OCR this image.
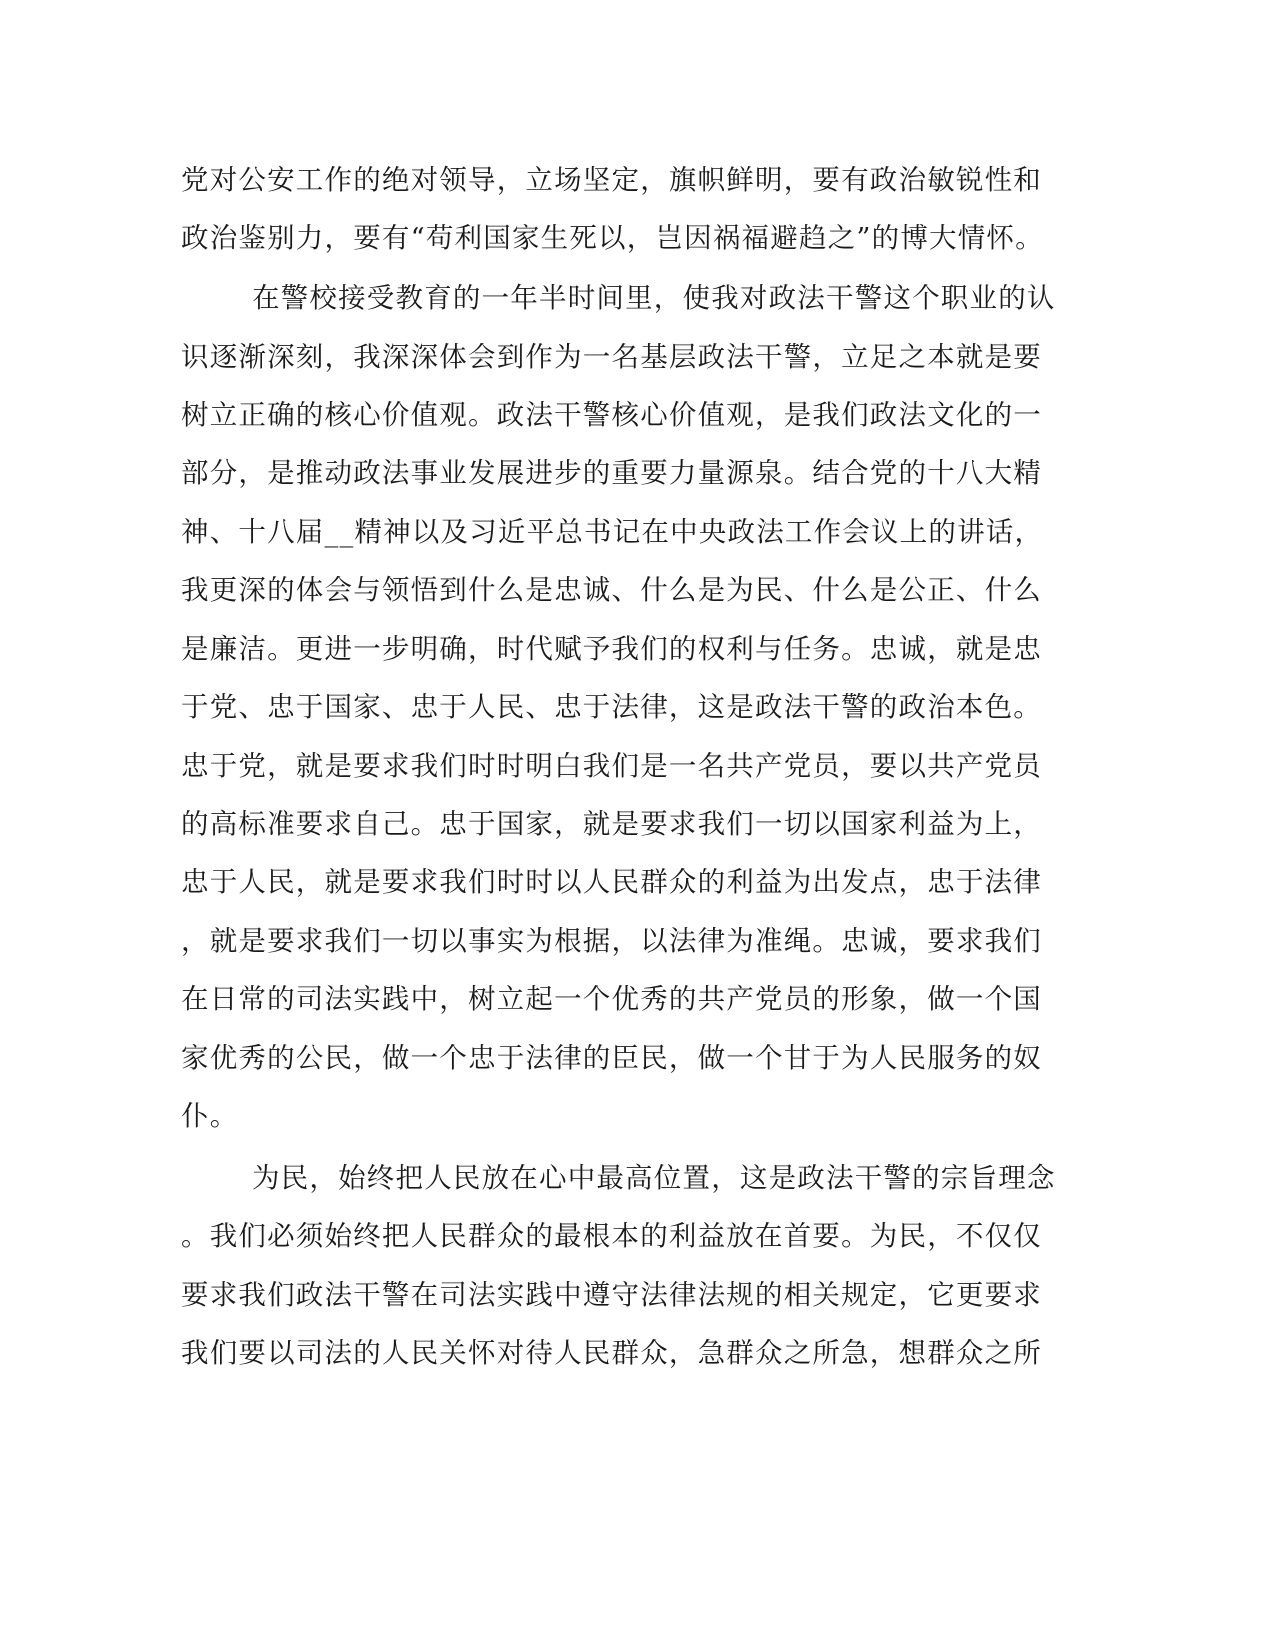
党对公安工作的绝对领导，立场坚定，旗帜鲜明，要有政治敏锐性和
政治鉴别力，要有“苟利国家生死以，岂因祸福避趋之”的博大情怀。
在警校接受教育的一年半时间里，使我对政法干警这个职业的认
识逐渐深刻，我深深体会到作为一名基层政法干警，立足之本就是要
树立正确的核心价值观。政法干警核心价值观，是我们政法文化的一
部分，是推动政法事业发展进步的重要力量源泉。结合党的十八大精
神、十八届__精神以及习近平总书记在中央政法工作会议上的讲话，
我更深的体会与领悟到什么是忠诚、什么是为民、什么是公正、什么
是廉洁。更进一步明确，时代赋予我们的权利与任务。忠诚，就是忠
于党、忠于国家、忠于人民、忠于法律，这是政法干警的政治本色。
忠于党，就是要求我们时时明白我们是一名共产党员，要以共产党员
的高标准要求自己。忠于国家，就是要求我们一切以国家利益为上，
忠于人民，就是要求我们时时以人民群众的利益为出发点，忠于法律
，就是要求我们一切以事实为根据，以法律为准绳。忠诚，要求我们
在日常的司法实践中，树立起一个优秀的共产党员的形象，做一个国
家优秀的公民，做一个忠于法律的臣民，做一个甘于为人民服务的奴
仆。
为民，始终把人民放在心中最高位置，这是政法干警的宗旨理念
。我们必须始终把人民群众的最根本的利益放在首要。为民，不仅仅
要求我们政法干警在司法实践中遵守法律法规的相关规定，它更要求
我们要以司法的人民关怀对待人民群众，急群众之所急，想群众之所
